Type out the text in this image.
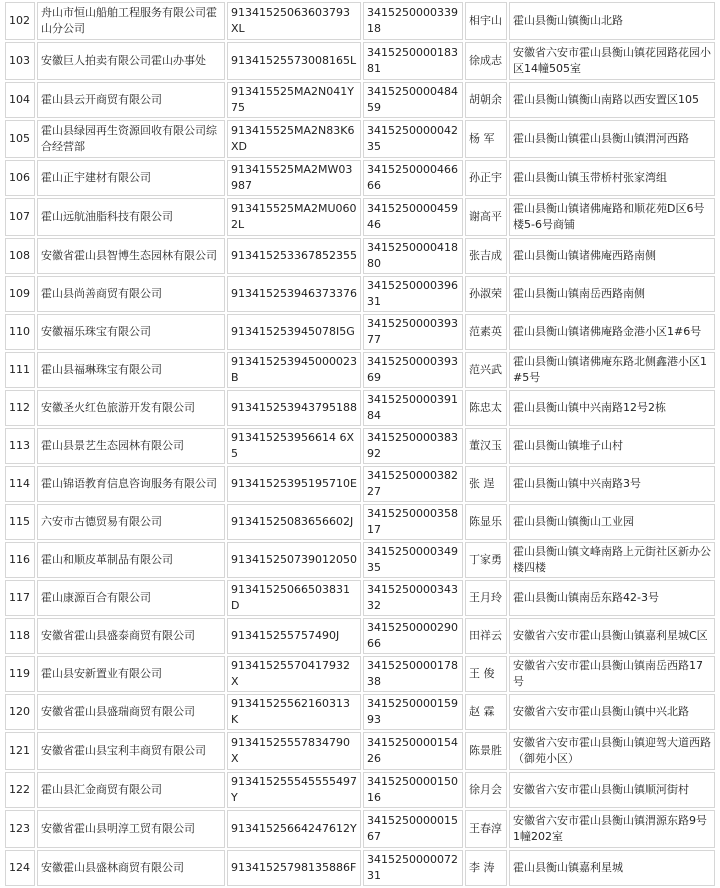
102	舟山市恒山船舶工程服务有限公司霍山分公司	91341525063603793XL	341525000033918	相宇山	霍山县衡山镇衡山北路
103	安徽巨人拍卖有限公司霍山办事处	91341525573008165L	341525000018381	徐成志	安徽省六安市霍山县衡山镇花园路花园小区14幢505室
104	霍山县云开商贸有限公司	913415525MA2N041Y75	341525000048459	胡朝余	霍山县衡山镇衡山南路以西安置区105
105	霍山县绿园再生资源回收有限公司综合经营部	913415525MA2N83K6XD	341525000004235	杨 军	霍山县衡山镇霍山县衡山镇渭河西路
106	霍山正宇建材有限公司	913415525MA2MW03987	341525000046666	孙正宇	霍山县衡山镇玉带桥村张家湾组
107	霍山远航油脂科技有限公司	913415525MA2MU0602L	341525000045946	谢高平	霍山县衡山镇诸佛庵路和顺花苑D区6号楼5-6号商铺
108	安徽省霍山县智博生态园林有限公司	913415253367852355	341525000041880	张吉成	霍山县衡山镇诸佛庵西路南侧
109	霍山县尚善商贸有限公司	913415253946373376	341525000039631	孙淑荣	霍山县衡山镇南岳西路南侧
110	安徽福乐珠宝有限公司	913415253945078I5G	341525000039377	范素英	霍山县衡山镇诸佛庵路金港小区1#6号
111	霍山县福琳珠宝有限公司	913415253945000023B	341525000039369	范兴武	霍山县衡山镇诸佛庵东路北侧鑫港小区1#5号
112	安徽圣火红色旅游开发有限公司	913415253943795188	341525000039184	陈忠太	霍山县衡山镇中兴南路12号2栋
113	霍山县景艺生态园林有限公司	913415253956614 6X5	341525000038392	董汉玉	霍山县衡山镇堆子山村
114	霍山锦语教育信息咨询服务有限公司	91341525395195710E	341525000038227	张 逞	霍山县衡山镇中兴南路3号
115	六安市古德贸易有限公司	91341525083656602J	341525000035817	陈显乐	霍山县衡山镇衡山工业园
116	霍山和顺皮革制品有限公司	913415250739012050	341525000034935	丁家勇	霍山县衡山镇文峰南路上元街社区新办公楼四楼
117	霍山康源百合有限公司	91341525066503831D	341525000034332	王月玲	霍山县衡山镇南岳东路42-3号
118	安徽省霍山县盛泰商贸有限公司	913415255757490J	341525000029066	田祥云	安徽省六安市霍山县衡山镇嘉利星城C区
119	霍山县安新置业有限公司	91341525570417932X	341525000017838	王 俊	安徽省六安市霍山县衡山镇南岳西路17号
120	安徽省霍山县盛瑞商贸有限公司	91341525562160313K	341525000015993	赵 霖	安徽省六安市霍山县衡山镇中兴北路
121	安徽省霍山县宝利丰商贸有限公司	91341525557834790X	341525000015426	陈景胜	安徽省六安市霍山县衡山镇迎驾大道西路（御苑小区）
122	霍山县汇金商贸有限公司	913415255545555497Y	341525000015016	徐月会	安徽省六安市霍山县衡山镇顺河街村
123	安徽省霍山县明淳工贸有限公司	91341525664247612Y	341525000001567	王春淳	安徽省六安市霍山县衡山镇渭源东路9号1幢202室
124	安徽霍山县盛林商贸有限公司	91341525798135886F	341525000007231	李 涛	霍山县衡山镇嘉利星城
